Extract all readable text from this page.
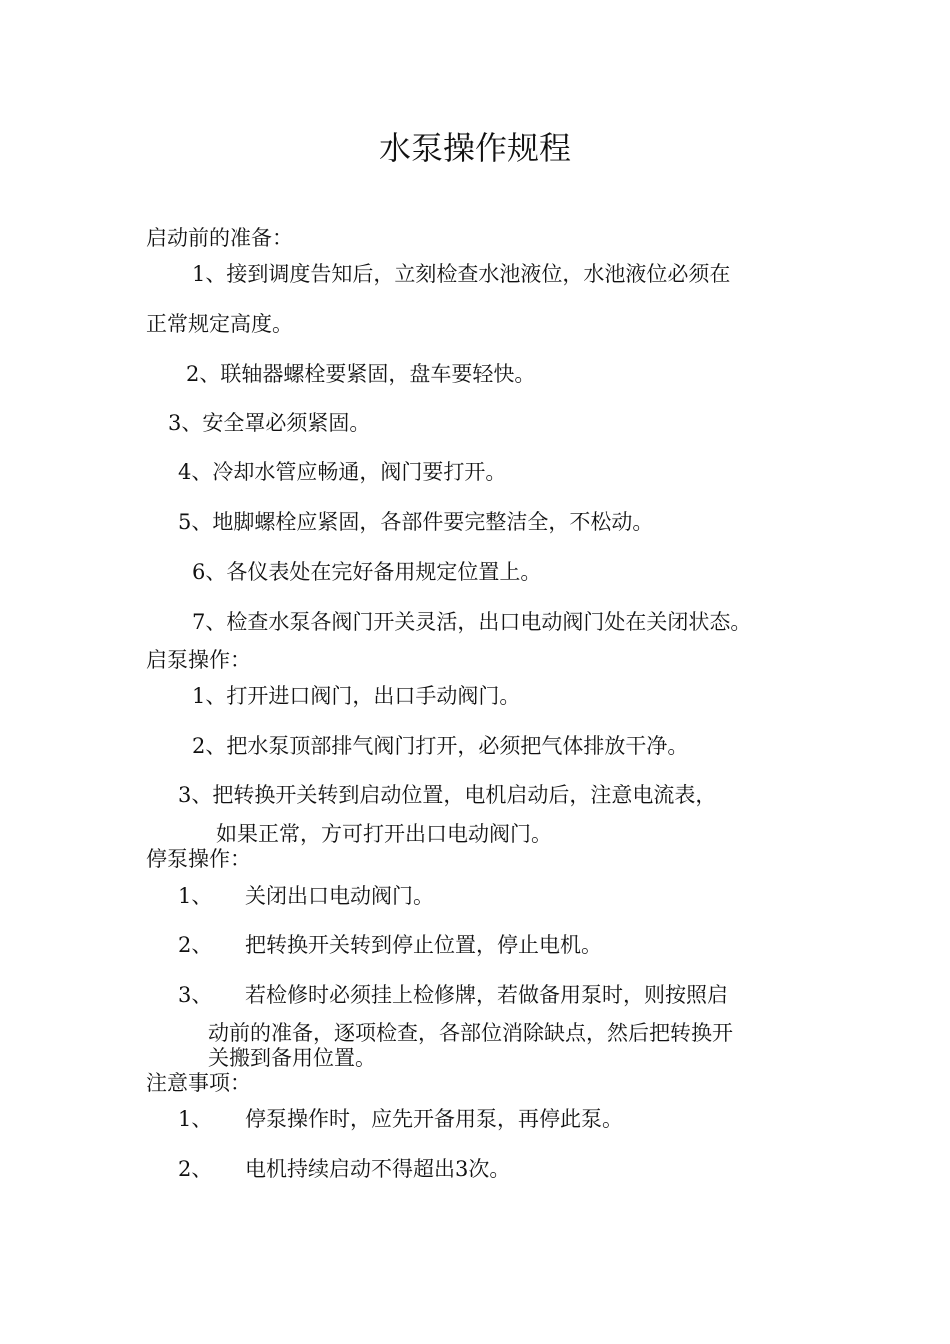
水泵操作规程

启动前的准备：

1、接到调度告知后，立刻检查水池液位，水池液位必须在

正常规定高度。

2、联轴器螺栓要紧固，盘车要轻快。

3、安全罩必须紧固。

4、冷却水管应畅通，阀门要打开。

5、地脚螺栓应紧固，各部件要完整洁全，不松动。

6、各仪表处在完好备用规定位置上。

7、检查水泵各阀门开关灵活，出口电动阀门处在关闭状态。

启泵操作：

1、打开进口阀门，出口手动阀门。

2、把水泵顶部排气阀门打开，必须把气体排放干净。

3、把转换开关转到启动位置，电机启动后，注意电流表，

如果正常，方可打开出口电动阀门。

停泵操作：

1、 关闭出口电动阀门。

2、 把转换开关转到停止位置，停止电机。

3、 若检修时必须挂上检修牌，若做备用泵时，则按照启

动前的准备，逐项检查，各部位消除缺点，然后把转换开

关搬到备用位置。

注意事项：

1、 停泵操作时，应先开备用泵，再停此泵。

2、 电机持续启动不得超出3次。
